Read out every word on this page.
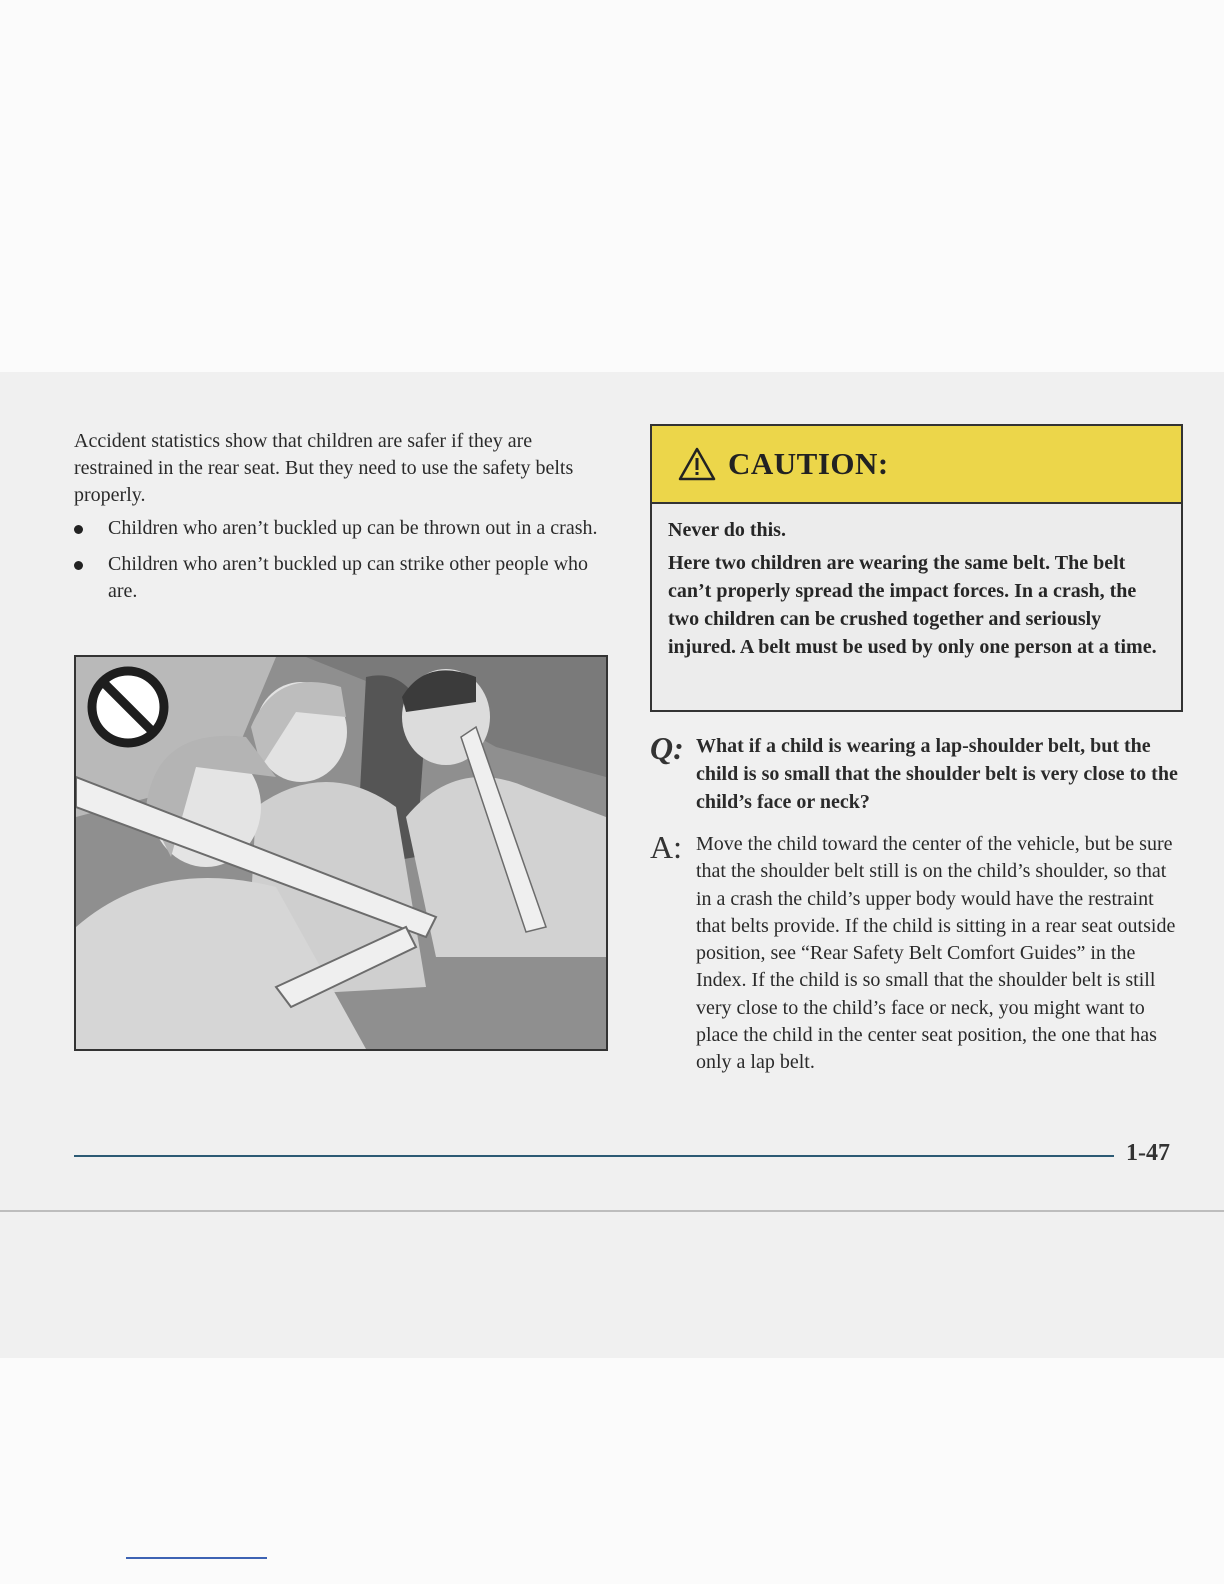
Accident statistics show that children are safer if they are restrained in the rear seat. But they need to use the safety belts properly.

Children who aren’t buckled up can be thrown out in a crash.
Children who aren’t buckled up can strike other people who are.
CAUTION:

Never do this.

Here two children are wearing the same belt. The belt can’t properly spread the impact forces. In a crash, the two children can be crushed together and seriously injured. A belt must be used by only one person at a time.

Q: What if a child is wearing a lap-shoulder belt, but the child is so small that the shoulder belt is very close to the child’s face or neck?
A: Move the child toward the center of the vehicle, but be sure that the shoulder belt still is on the child’s shoulder, so that in a crash the child’s upper body would have the restraint that belts provide. If the child is sitting in a rear seat outside position, see “Rear Safety Belt Comfort Guides” in the Index. If the child is so small that the shoulder belt is still very close to the child’s face or neck, you might want to place the child in the center seat position, the one that has only a lap belt.
1-47
